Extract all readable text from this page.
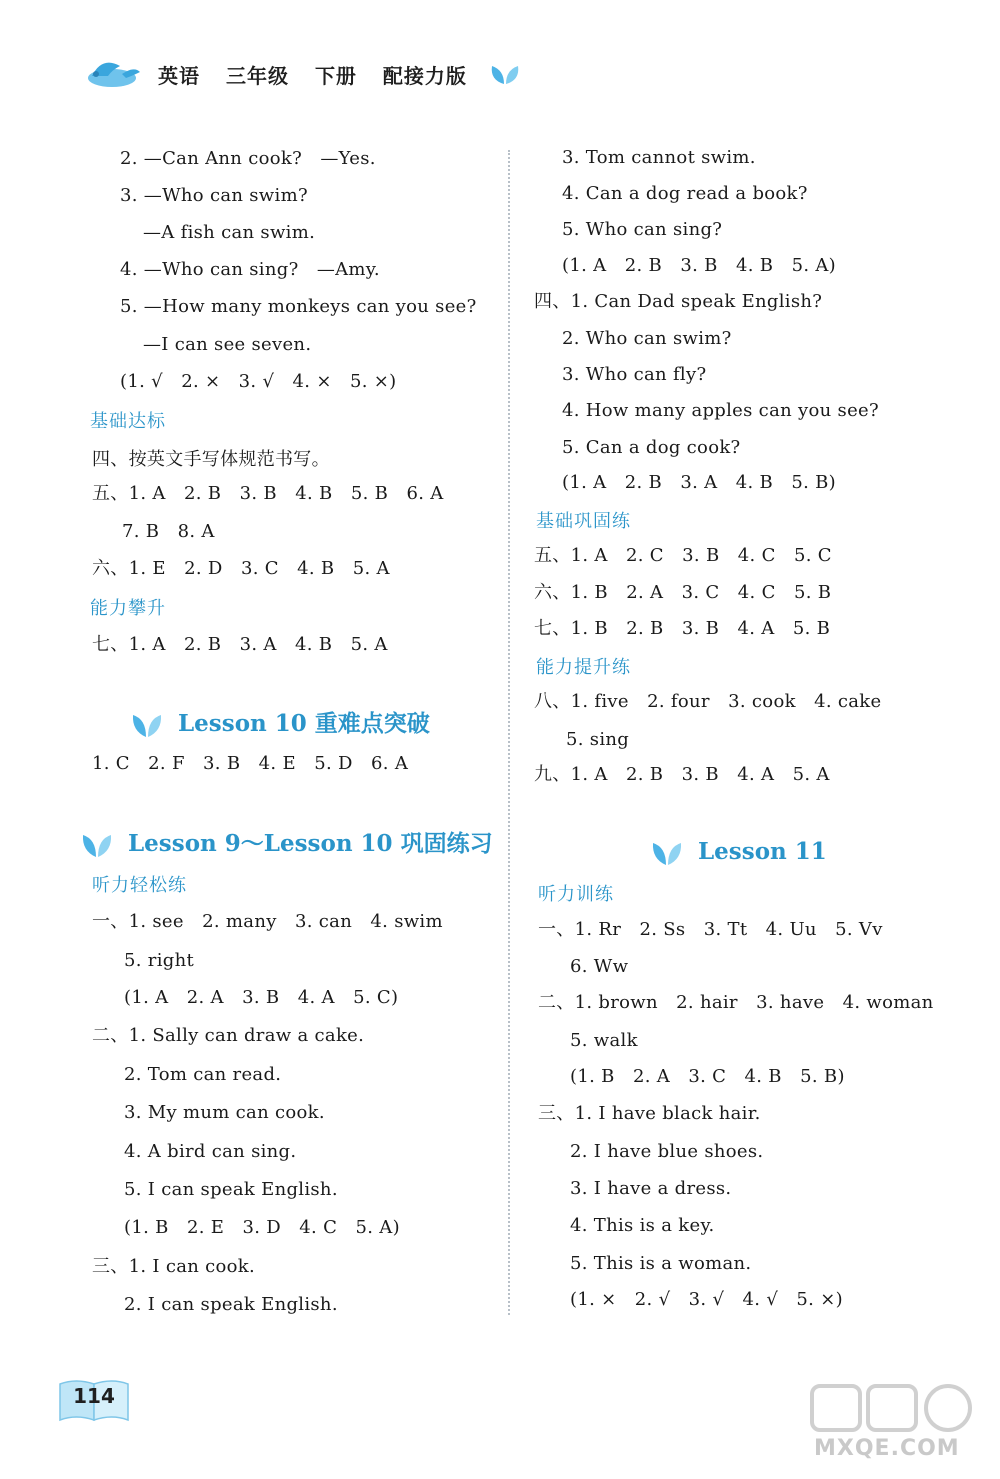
英语 三年级 下册 配接力版
2. —Can Ann cook?　—Yes.
3. —Who can swim?
—A fish can swim.
4. —Who can sing?　—Amy.
5. —How many monkeys can you see?
—I can see seven.
(1. √　2. ×　3. √　4. ×　5. ×)
基础达标
四、按英文手写体规范书写。
五、1. A　2. B　3. B　4. B　5. B　6. A
7. B　8. A
六、1. E　2. D　3. C　4. B　5. A
能力攀升
七、1. A　2. B　3. A　4. B　5. A
Lesson 10 重难点突破
1. C　2. F　3. B　4. E　5. D　6. A
Lesson 9～Lesson 10 巩固练习
听力轻松练
一、1. see　2. many　3. can　4. swim
5. right
(1. A　2. A　3. B　4. A　5. C)
二、1. Sally can draw a cake.
2. Tom can read.
3. My mum can cook.
4. A bird can sing.
5. I can speak English.
(1. B　2. E　3. D　4. C　5. A)
三、1. I can cook.
2. I can speak English.
3. Tom cannot swim.
4. Can a dog read a book?
5. Who can sing?
(1. A　2. B　3. B　4. B　5. A)
四、1. Can Dad speak English?
2. Who can swim?
3. Who can fly?
4. How many apples can you see?
5. Can a dog cook?
(1. A　2. B　3. A　4. B　5. B)
基础巩固练
五、1. A　2. C　3. B　4. C　5. C
六、1. B　2. A　3. C　4. C　5. B
七、1. B　2. B　3. B　4. A　5. B
能力提升练
八、1. five　2. four　3. cook　4. cake
5. sing
九、1. A　2. B　3. B　4. A　5. A
Lesson 11
听力训练
一、1. Rr　2. Ss　3. Tt　4. Uu　5. Vv
6. Ww
二、1. brown　2. hair　3. have　4. woman
5. walk
(1. B　2. A　3. C　4. B　5. B)
三、1. I have black hair.
2. I have blue shoes.
3. I have a dress.
4. This is a key.
5. This is a woman.
(1. ×　2. √　3. √　4. √　5. ×)
114
MXQE.COM
